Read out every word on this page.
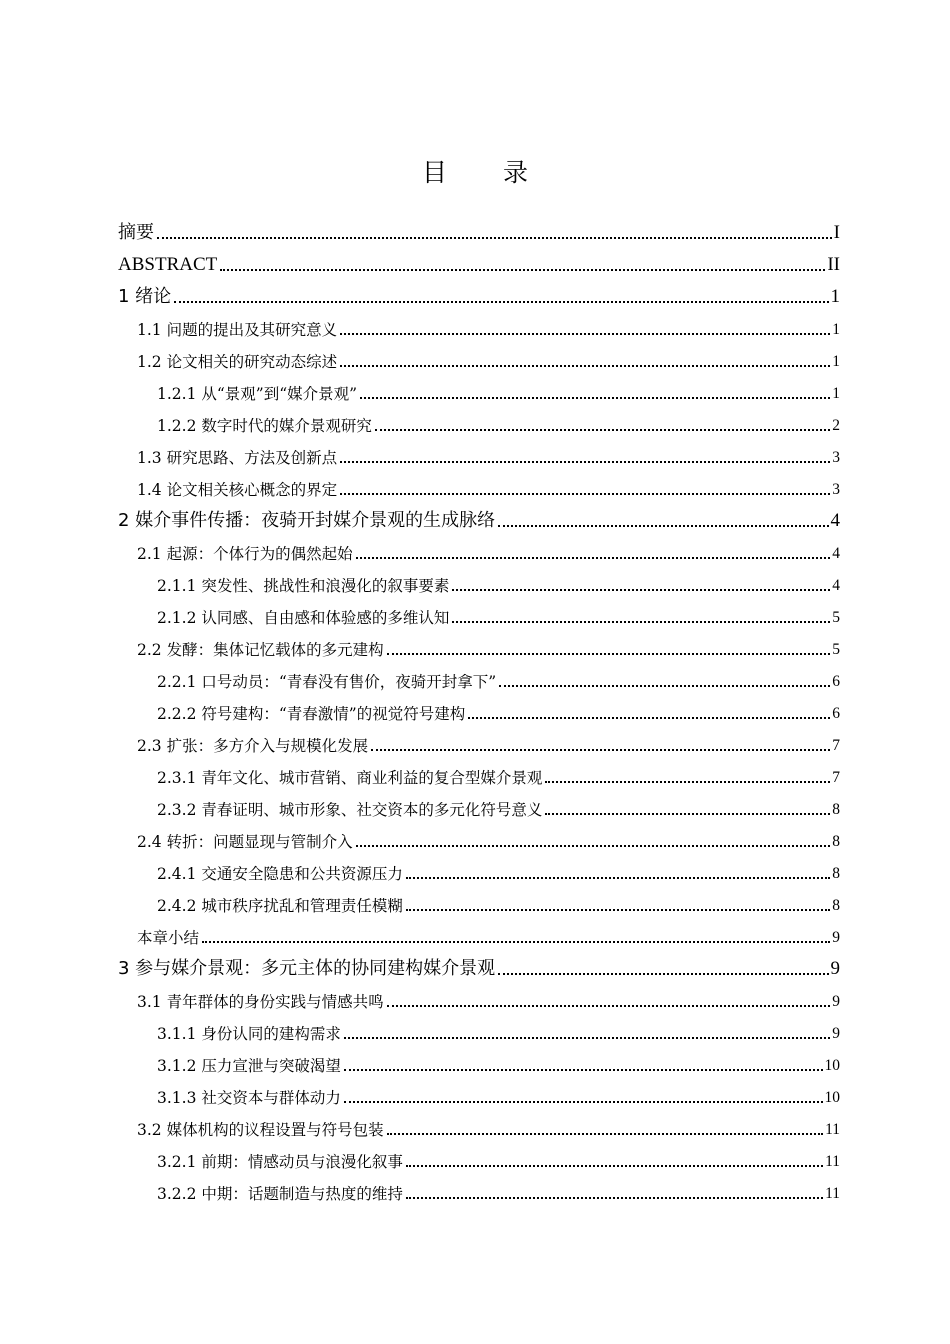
目 录
摘要	I
ABSTRACT	II
1 绪论	1
1.1 问题的提出及其研究意义	1
1.2 论文相关的研究动态综述	1
1.2.1 从“景观”到“媒介景观”	1
1.2.2 数字时代的媒介景观研究	2
1.3 研究思路、方法及创新点	3
1.4 论文相关核心概念的界定	3
2 媒介事件传播：夜骑开封媒介景观的生成脉络	4
2.1 起源：个体行为的偶然起始	4
2.1.1 突发性、挑战性和浪漫化的叙事要素	4
2.1.2 认同感、自由感和体验感的多维认知	5
2.2 发酵：集体记忆载体的多元建构	5
2.2.1 口号动员：“青春没有售价，夜骑开封拿下”	6
2.2.2 符号建构：“青春激情”的视觉符号建构	6
2.3 扩张：多方介入与规模化发展	7
2.3.1 青年文化、城市营销、商业利益的复合型媒介景观	7
2.3.2 青春证明、城市形象、社交资本的多元化符号意义	8
2.4 转折：问题显现与管制介入	8
2.4.1 交通安全隐患和公共资源压力	8
2.4.2 城市秩序扰乱和管理责任模糊	8
本章小结	9
3 参与媒介景观：多元主体的协同建构媒介景观	9
3.1 青年群体的身份实践与情感共鸣	9
3.1.1 身份认同的建构需求	9
3.1.2 压力宣泄与突破渴望	10
3.1.3 社交资本与群体动力	10
3.2 媒体机构的议程设置与符号包装	11
3.2.1 前期：情感动员与浪漫化叙事	11
3.2.2 中期：话题制造与热度的维持	11
